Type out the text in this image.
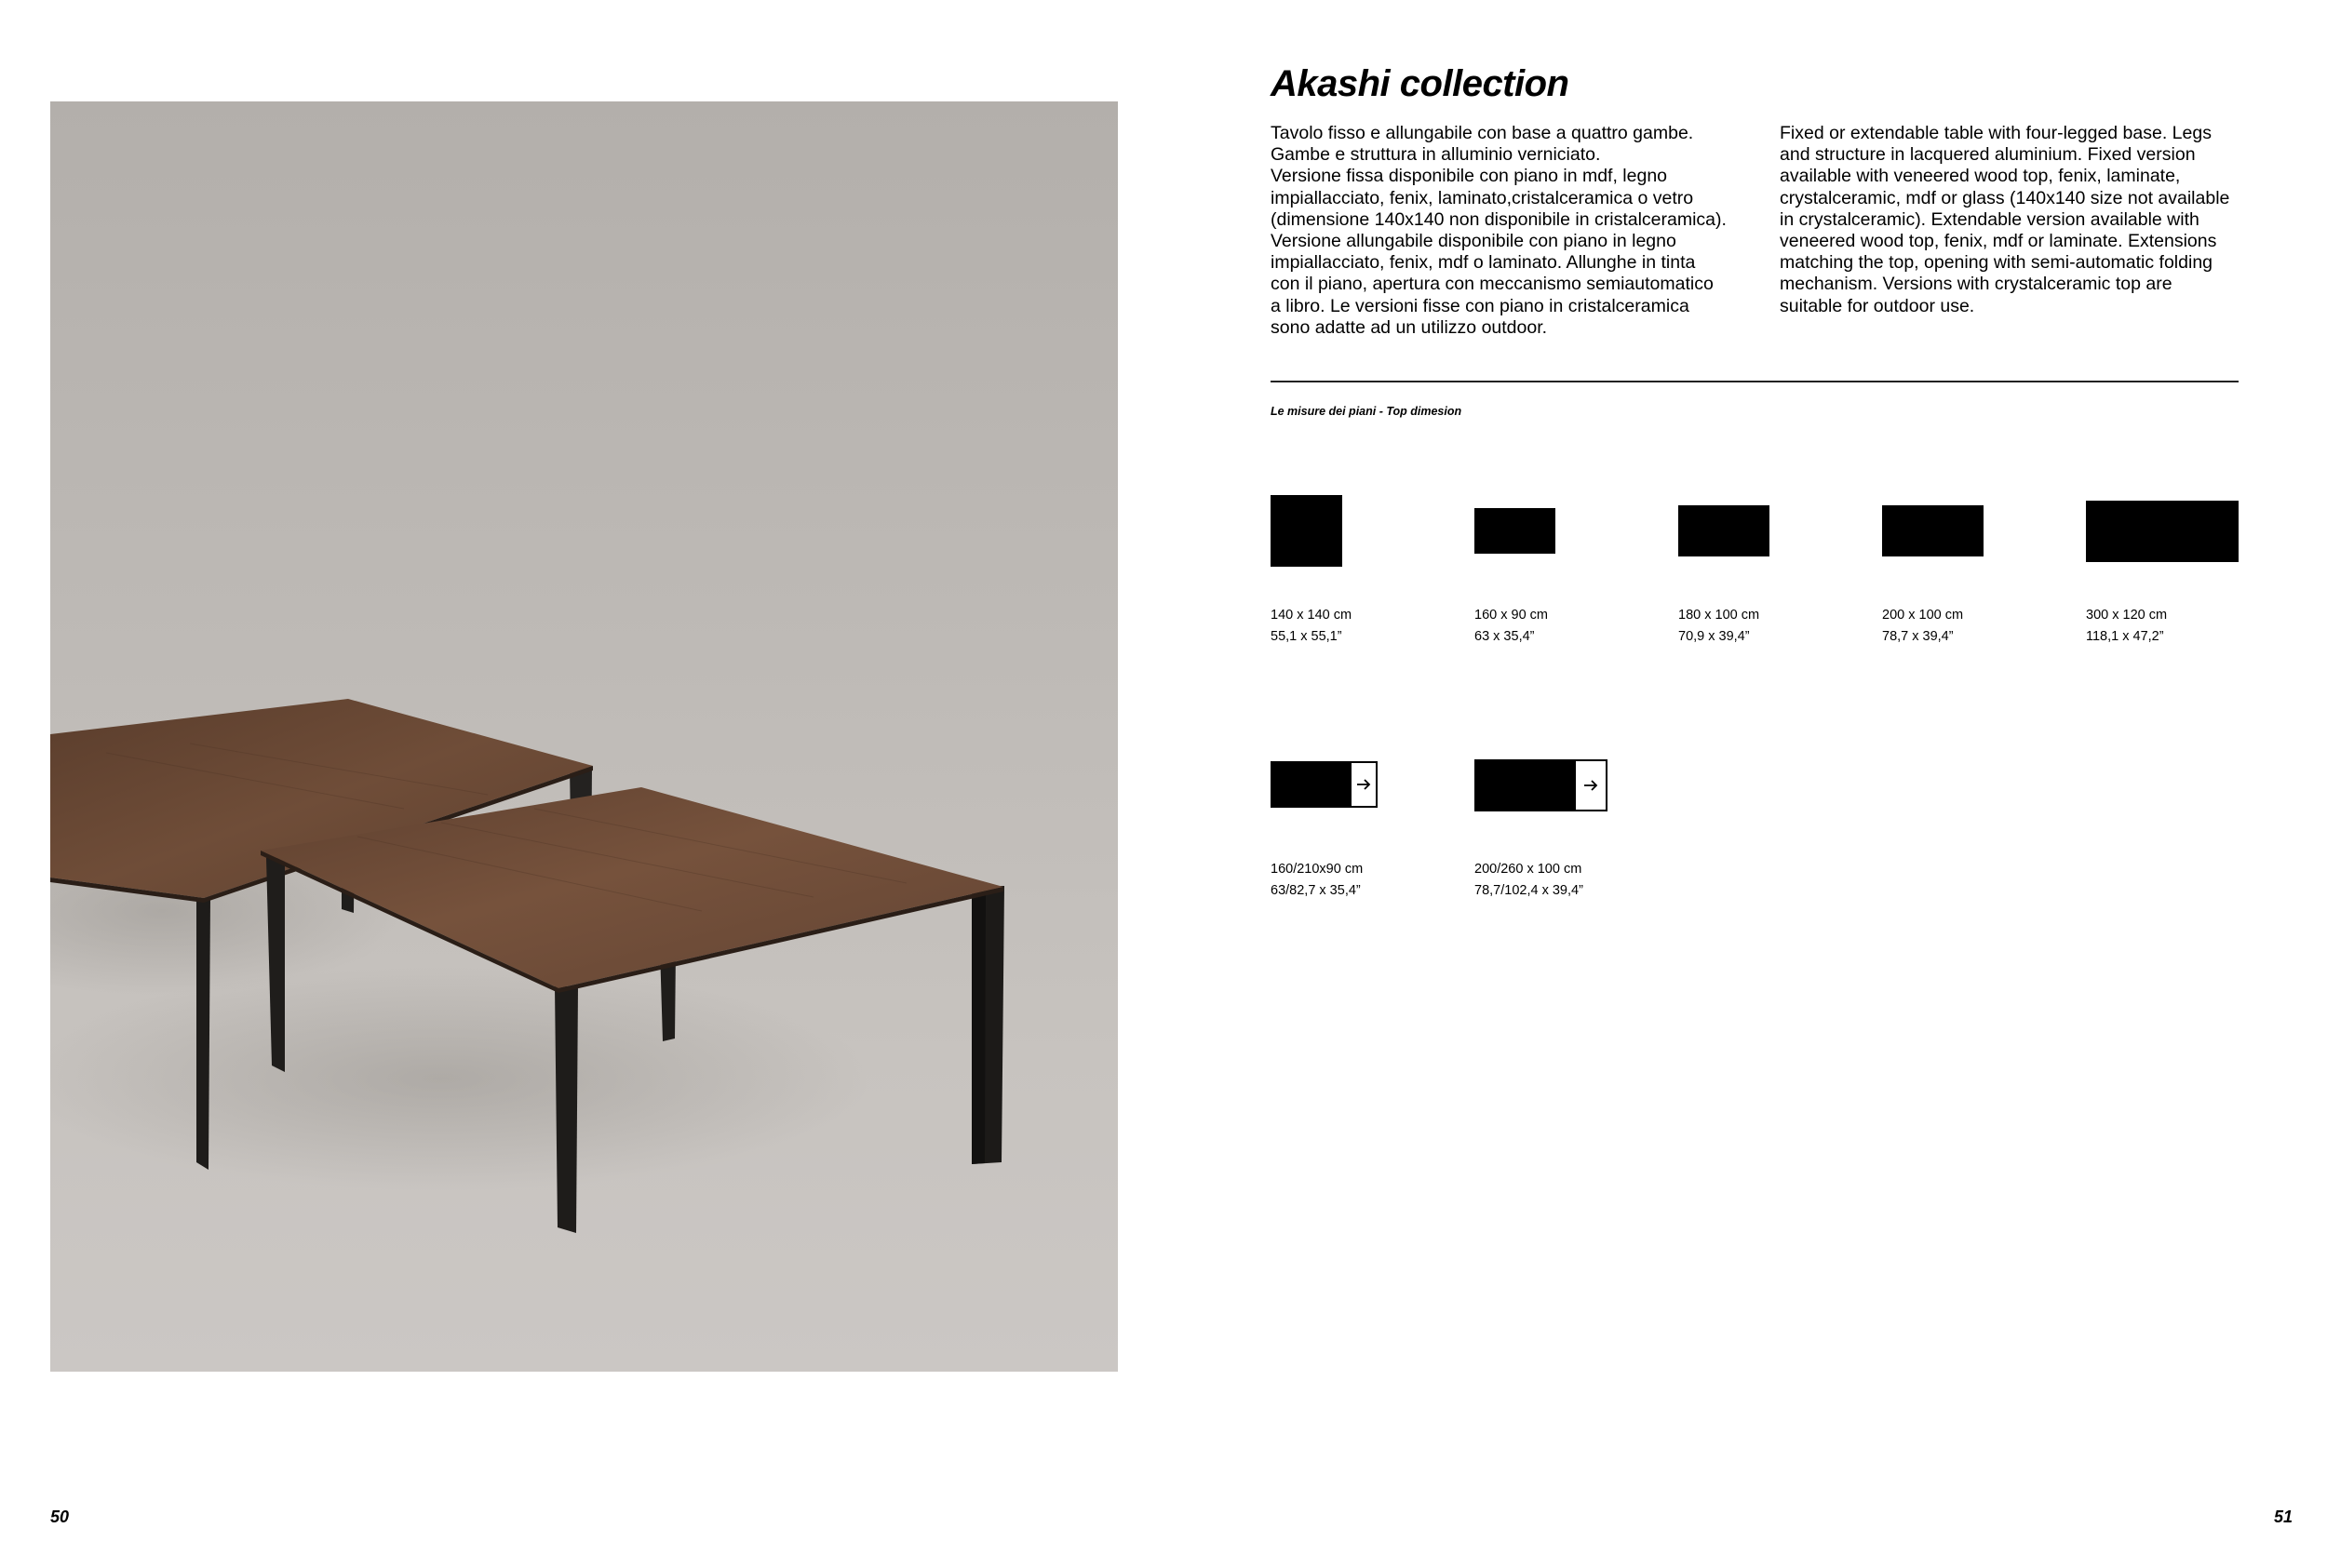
Akashi collection

Tavolo fisso e allungabile con base a quattro gambe.
Gambe e struttura in alluminio verniciato.
Versione fissa disponibile con piano in mdf, legno
impiallacciato, fenix, laminato,cristalceramica o vetro
(dimensione 140x140 non disponibile in cristalceramica).
Versione allungabile disponibile con piano in legno
impiallacciato, fenix, mdf o laminato. Allunghe in tinta
con il piano, apertura con meccanismo semiautomatico
a libro. Le versioni fisse con piano in cristalceramica
sono adatte ad un utilizzo outdoor.

Fixed or extendable table with four-legged base. Legs
and structure in lacquered aluminium. Fixed version
available with veneered wood top, fenix, laminate,
crystalceramic, mdf or glass (140x140 size not available
in crystalceramic). Extendable version available with
veneered wood top, fenix, mdf or laminate. Extensions
matching the top, opening with semi-automatic folding
mechanism. Versions with crystalceramic top are
suitable for outdoor use.

Le misure dei piani - Top dimesion

140 x 140 cm
55,1 x 55,1”
160 x 90 cm
63 x 35,4”
180 x 100 cm
70,9 x 39,4”
200 x 100 cm
78,7 x 39,4”
300 x 120 cm
118,1 x 47,2”
160/210x90 cm
63/82,7 x 35,4”
200/260 x 100 cm
78,7/102,4 x 39,4”
50	51
